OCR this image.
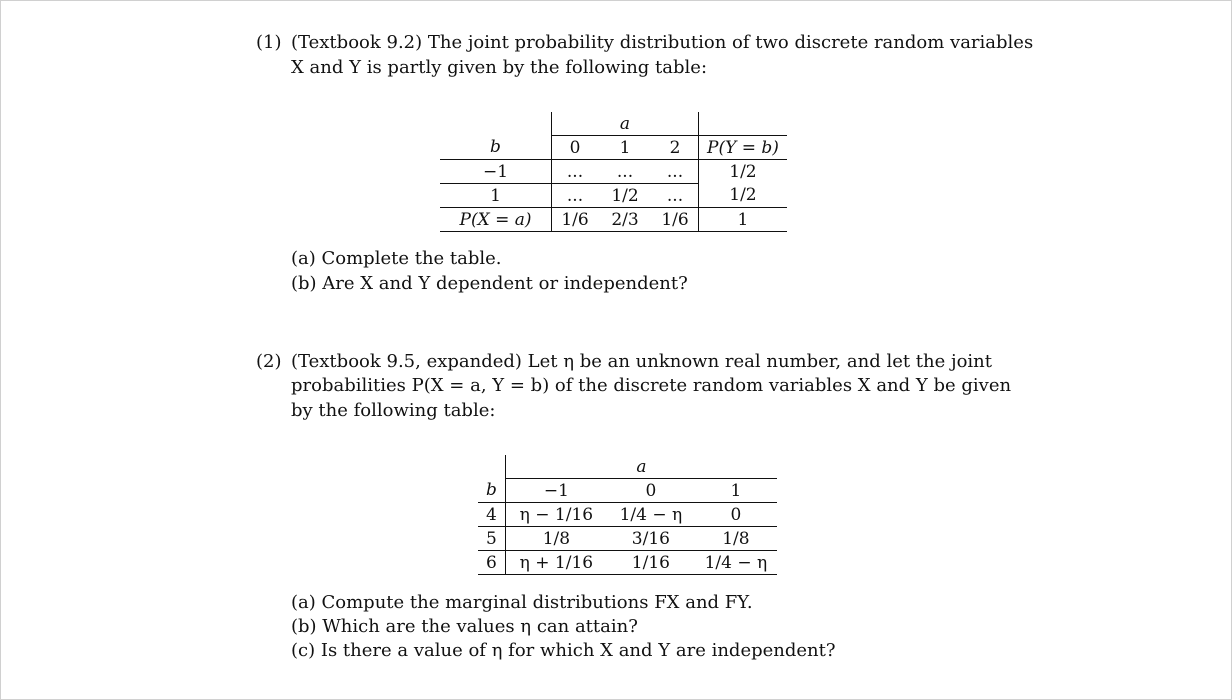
(1) (Textbook 9.2) The joint probability distribution of two discrete random variables
X and Y is partly given by the following table:
	a			
b	0	1	2	P(Y = b)
−1	...	...	...	1/2
1	...	1/2	...	1/2
P(X = a)	1/6	2/3	1/6	1
(a) Complete the table.
(b) Are X and Y dependent or independent?
(2) (Textbook 9.5, expanded) Let η be an unknown real number, and let the joint
probabilities P(X = a, Y = b) of the discrete random variables X and Y be given
by the following table:
	a		
b	−1	0	1
4	η − 1/16	1/4 − η	0
5	1/8	3/16	1/8
6	η + 1/16	1/16	1/4 − η
(a) Compute the marginal distributions FX and FY.
(b) Which are the values η can attain?
(c) Is there a value of η for which X and Y are independent?
